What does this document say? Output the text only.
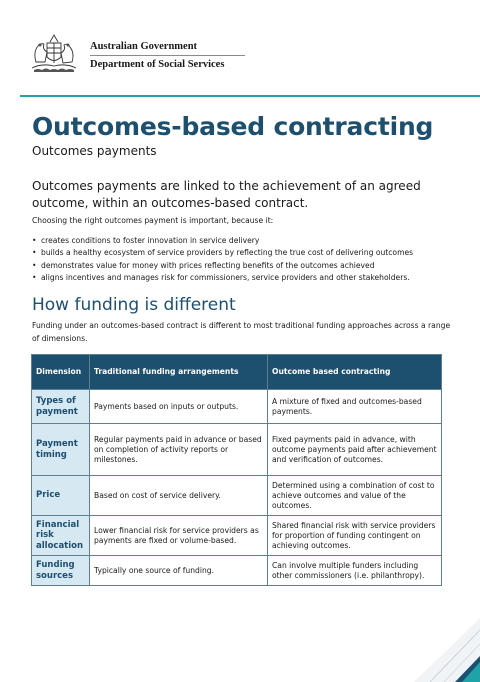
Australian Government
Department of Social Services
Outcomes-based contracting
Outcomes payments
Outcomes payments are linked to the achievement of an agreed outcome, within an outcomes-based contract.
Choosing the right outcomes payment is important, because it:
• creates conditions to foster innovation in service delivery
• builds a healthy ecosystem of service providers by reflecting the true cost of delivering outcomes
• demonstrates value for money with prices reflecting benefits of the outcomes achieved
• aligns incentives and manages risk for commissioners, service providers and other stakeholders.
How funding is different
Funding under an outcomes-based contract is different to most traditional funding approaches across a range of dimensions.
Dimension	Traditional funding arrangements	Outcome based contracting
Types of payment	Payments based on inputs or outputs.	A mixture of fixed and outcomes-based payments.
Payment timing	Regular payments paid in advance or based on completion of activity reports or milestones.	Fixed payments paid in advance, with outcome payments paid after achievement and verification of outcomes.
Price	Based on cost of service delivery.	Determined using a combination of cost to achieve outcomes and value of the outcomes.
Financial risk allocation	Lower financial risk for service providers as payments are fixed or volume-based.	Shared financial risk with service providers for proportion of funding contingent on achieving outcomes.
Funding sources	Typically one source of funding.	Can involve multiple funders including other commissioners (i.e. philanthropy).
